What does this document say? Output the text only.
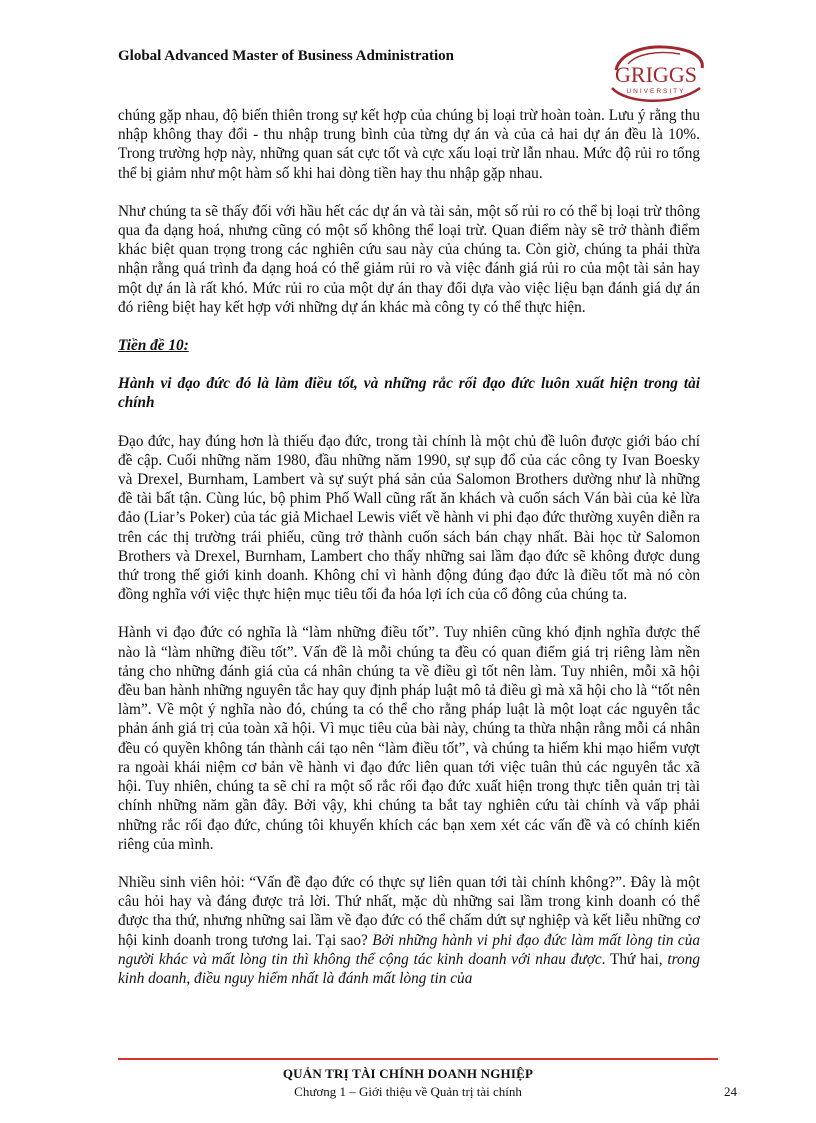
Global Advanced Master of Business Administration
GRIGGS
UNIVERSITY

chúng gặp nhau, độ biến thiên trong sự kết hợp của chúng bị loại trừ hoàn toàn. Lưu ý rằng thu nhập không thay đổi - thu nhập trung bình của từng dự án và của cả hai dự án đều là 10%. Trong trường hợp này, những quan sát cực tốt và cực xấu loại trừ lẫn nhau. Mức độ rủi ro tổng thể bị giảm như một hàm số khi hai dòng tiền hay thu nhập gặp nhau.

Như chúng ta sẽ thấy đối với hầu hết các dự án và tài sản, một số rủi ro có thể bị loại trừ thông qua đa dạng hoá, nhưng cũng có một số không thể loại trừ. Quan điểm này sẽ trở thành điểm khác biệt quan trọng trong các nghiên cứu sau này của chúng ta. Còn giờ, chúng ta phải thừa nhận rằng quá trình đa dạng hoá có thể giảm rủi ro và việc đánh giá rủi ro của một tài sản hay một dự án là rất khó. Mức rủi ro của một dự án thay đổi dựa vào việc liệu bạn đánh giá dự án đó riêng biệt hay kết hợp với những dự án khác mà công ty có thể thực hiện.

Tiền đề 10:

Hành vi đạo đức đó là làm điều tốt, và những rắc rối đạo đức luôn xuất hiện trong tài chính

Đạo đức, hay đúng hơn là thiếu đạo đức, trong tài chính là một chủ đề luôn được giới báo chí đề cập. Cuối những năm 1980, đầu những năm 1990, sự sụp đổ của các công ty Ivan Boesky và Drexel, Burnham, Lambert và sự suýt phá sản của Salomon Brothers dường như là những đề tài bất tận. Cùng lúc, bộ phim Phố Wall cũng rất ăn khách và cuốn sách Ván bài của kẻ lừa đảo (Liar’s Poker) của tác giả Michael Lewis viết về hành vi phi đạo đức thường xuyên diễn ra trên các thị trường trái phiếu, cũng trở thành cuốn sách bán chạy nhất. Bài học từ Salomon Brothers và Drexel, Burnham, Lambert cho thấy những sai lầm đạo đức sẽ không được dung thứ trong thế giới kinh doanh. Không chỉ vì hành động đúng đạo đức là điều tốt mà nó còn đồng nghĩa với việc thực hiện mục tiêu tối đa hóa lợi ích của cổ đông của chúng ta.

Hành vi đạo đức có nghĩa là “làm những điều tốt”. Tuy nhiên cũng khó định nghĩa được thế nào là “làm những điều tốt”. Vấn đề là mỗi chúng ta đều có quan điểm giá trị riêng làm nền tảng cho những đánh giá của cá nhân chúng ta về điều gì tốt nên làm. Tuy nhiên, mỗi xã hội đều ban hành những nguyên tắc hay quy định pháp luật mô tả điều gì mà xã hội cho là “tốt nên làm”. Về một ý nghĩa nào đó, chúng ta có thể cho rằng pháp luật là một loạt các nguyên tắc phản ánh giá trị của toàn xã hội. Vì mục tiêu của bài này, chúng ta thừa nhận rằng mỗi cá nhân đều có quyền không tán thành cái tạo nên “làm điều tốt”, và chúng ta hiếm khi mạo hiểm vượt ra ngoài khái niệm cơ bản về hành vi đạo đức liên quan tới việc tuân thủ các nguyên tắc xã hội. Tuy nhiên, chúng ta sẽ chỉ ra một số rắc rối đạo đức xuất hiện trong thực tiễn quản trị tài chính những năm gần đây. Bởi vậy, khi chúng ta bắt tay nghiên cứu tài chính và vấp phải những rắc rối đạo đức, chúng tôi khuyến khích các bạn xem xét các vấn đề và có chính kiến riêng của mình.

Nhiều sinh viên hỏi: “Vấn đề đạo đức có thực sự liên quan tới tài chính không?”. Đây là một câu hỏi hay và đáng được trả lời. Thứ nhất, mặc dù những sai lầm trong kinh doanh có thể được tha thứ, nhưng những sai lầm về đạo đức có thể chấm dứt sự nghiệp và kết liễu những cơ hội kinh doanh trong tương lai. Tại sao? Bởi những hành vi phi đạo đức làm mất lòng tin của người khác và mất lòng tin thì không thể cộng tác kinh doanh với nhau được. Thứ hai, trong kinh doanh, điều nguy hiểm nhất là đánh mất lòng tin của

QUẢN TRỊ TÀI CHÍNH DOANH NGHIỆP
Chương 1 – Giới thiệu về Quản trị tài chính	24
